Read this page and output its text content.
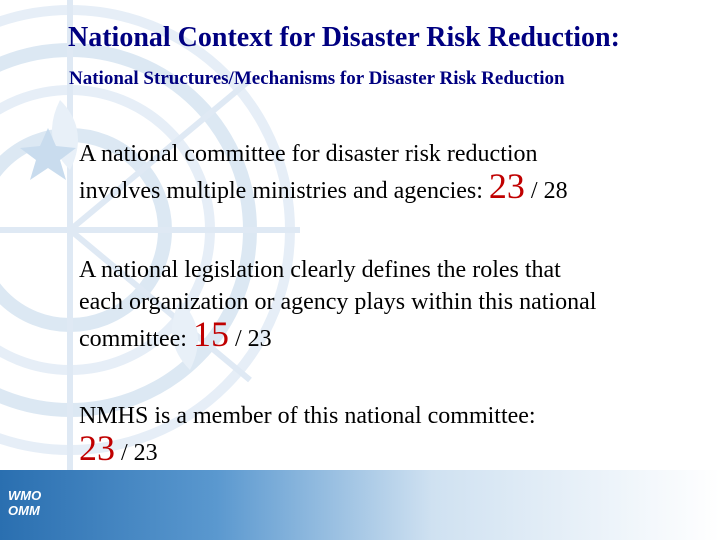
WMO
OMM
National Context for Disaster Risk Reduction:
National Structures/Mechanisms for Disaster Risk Reduction
A national committee for disaster risk reduction
involves multiple ministries and agencies: 23 / 28
A national legislation clearly defines the roles that
each organization or agency plays within this national
committee: 15 / 23
NMHS is a member of this national committee:
23 / 23
